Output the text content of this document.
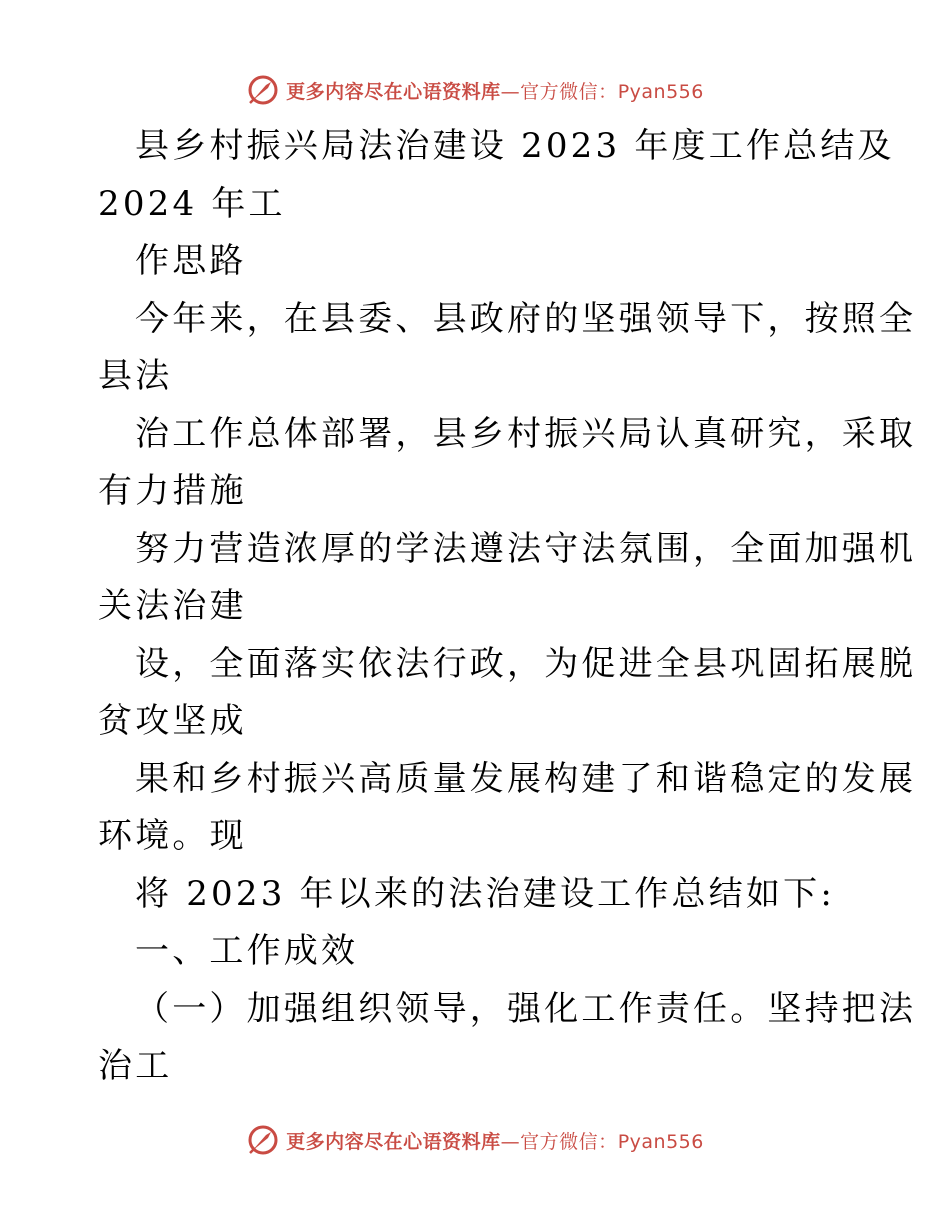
更多内容尽在心语资料库—官方微信：Pyan556
县乡村振兴局法治建设 2023 年度工作总结及
2024 年工
作思路
今年来，在县委、县政府的坚强领导下，按照全
县法
治工作总体部署，县乡村振兴局认真研究，采取
有力措施
努力营造浓厚的学法遵法守法氛围，全面加强机
关法治建
设，全面落实依法行政，为促进全县巩固拓展脱
贫攻坚成
果和乡村振兴高质量发展构建了和谐稳定的发展
环境。现
将 2023 年以来的法治建设工作总结如下:
一、工作成效
（一）加强组织领导，强化工作责任。坚持把法
治工
更多内容尽在心语资料库—官方微信：Pyan556
